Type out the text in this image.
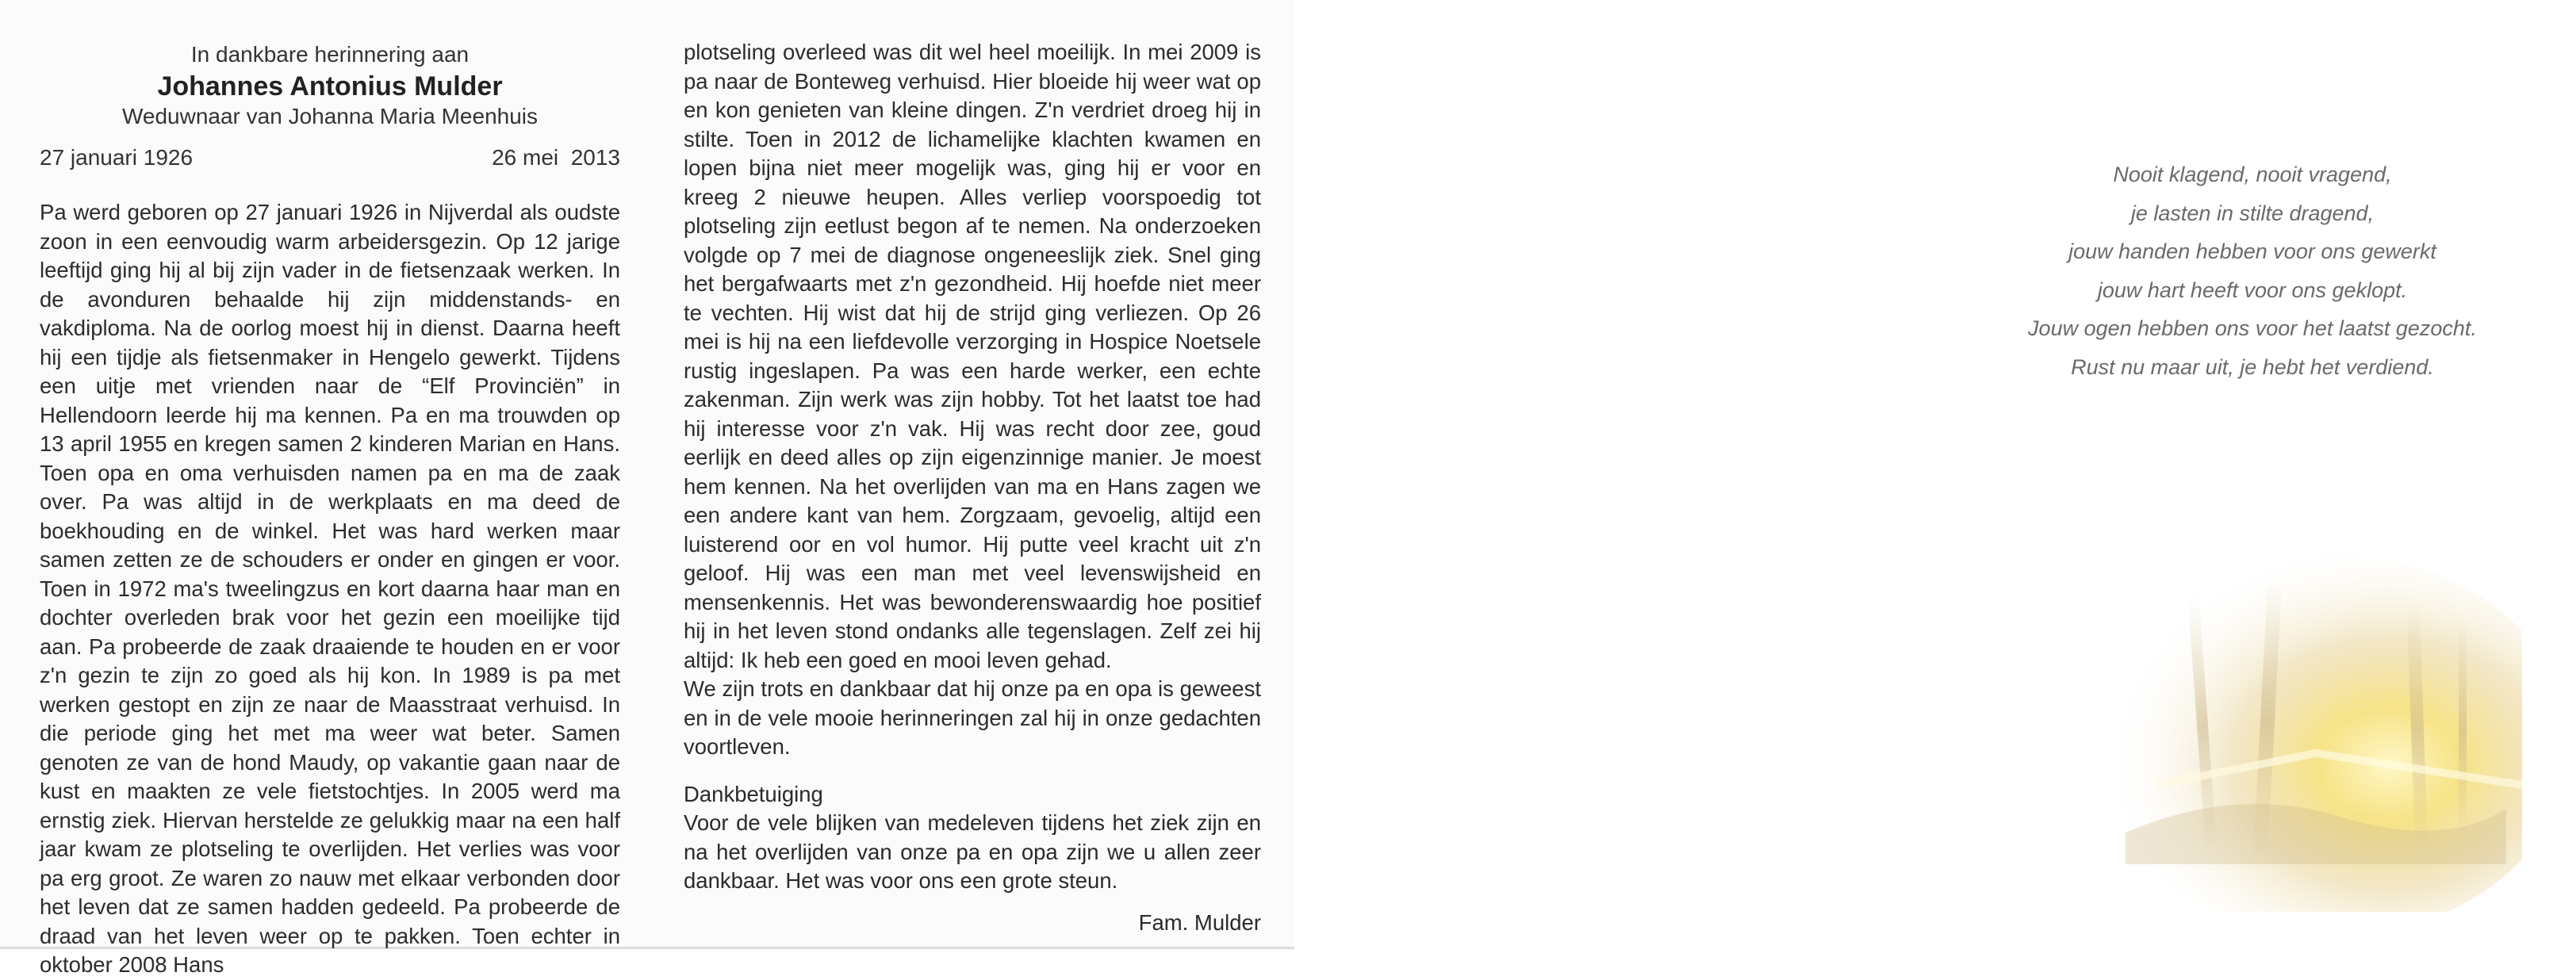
In dankbare herinnering aan
Johannes Antonius Mulder
Weduwnaar van Johanna Maria Meenhuis
27 januari 1926	26 mei  2013

Pa werd geboren op 27 januari 1926 in Nijverdal als oudste zoon in een eenvoudig warm arbeidersgezin. Op 12 jarige leeftijd ging hij al bij zijn vader in de fietsenzaak werken. In de avonduren behaalde hij zijn middenstands- en vakdiploma. Na de oorlog moest hij in dienst. Daarna heeft hij een tijdje als fietsenmaker in Hengelo gewerkt. Tijdens een uitje met vrienden naar de “Elf Provinciën” in Hellendoorn leerde hij ma kennen. Pa en ma trouwden op 13 april 1955 en kregen samen 2 kinderen Marian en Hans. Toen opa en oma verhuisden namen pa en ma de zaak over. Pa was altijd in de werkplaats en ma deed de boekhouding en de winkel. Het was hard werken maar samen zetten ze de schouders er onder en gingen er voor. Toen in 1972 ma's tweelingzus en kort daarna haar man en dochter overleden brak voor het gezin een moeilijke tijd aan. Pa probeerde de zaak draaiende te houden en er voor z'n gezin te zijn zo goed als hij kon. In 1989 is pa met werken gestopt en zijn ze naar de Maasstraat verhuisd. In die periode ging het met ma weer wat beter. Samen genoten ze van de hond Maudy, op vakantie gaan naar de kust en maakten ze vele fietstochtjes. In 2005 werd ma ernstig ziek. Hiervan herstelde ze gelukkig maar na een half jaar kwam ze plotseling te overlijden. Het verlies was voor pa erg groot. Ze waren zo nauw met elkaar verbonden door het leven dat ze samen hadden gedeeld. Pa probeerde de draad van het leven weer op te pakken. Toen echter in oktober 2008 Hans

plotseling overleed was dit wel heel moeilijk. In mei 2009 is pa naar de Bonteweg verhuisd. Hier bloeide hij weer wat op en kon genieten van kleine dingen. Z'n verdriet droeg hij in stilte. Toen in 2012 de lichamelijke klachten kwamen en lopen bijna niet meer mogelijk was, ging hij er voor en kreeg 2 nieuwe heupen. Alles verliep voorspoedig tot plotseling zijn eetlust begon af te nemen. Na onderzoeken volgde op 7 mei de diagnose ongeneeslijk ziek. Snel ging het bergafwaarts met z'n gezondheid. Hij hoefde niet meer te vechten. Hij wist dat hij de strijd ging verliezen. Op 26 mei is hij na een liefdevolle verzorging in Hospice Noetsele rustig ingeslapen. Pa was een harde werker, een echte zakenman. Zijn werk was zijn hobby. Tot het laatst toe had hij interesse voor z'n vak. Hij was recht door zee, goud eerlijk en deed alles op zijn eigenzinnige manier. Je moest hem kennen. Na het overlijden van ma en Hans zagen we een andere kant van hem. Zorgzaam, gevoelig, altijd een luisterend oor en vol humor. Hij putte veel kracht uit z'n geloof. Hij was een man met veel levenswijsheid en mensenkennis. Het was bewonderenswaardig hoe positief hij in het leven stond ondanks alle tegenslagen. Zelf zei hij altijd: Ik heb een goed en mooi leven gehad.
We zijn trots en dankbaar dat hij onze pa en opa is geweest en in de vele mooie herinneringen zal hij in onze gedachten voortleven.

Dankbetuiging

Voor de vele blijken van medeleven tijdens het ziek zijn en na het overlijden van onze pa en opa zijn we u allen zeer dankbaar. Het was voor ons een grote steun.

Fam. Mulder
Nooit klagend, nooit vragend,
je lasten in stilte dragend,
jouw handen hebben voor ons gewerkt
jouw hart heeft voor ons geklopt.
Jouw ogen hebben ons voor het laatst gezocht.
Rust nu maar uit, je hebt het verdiend.
